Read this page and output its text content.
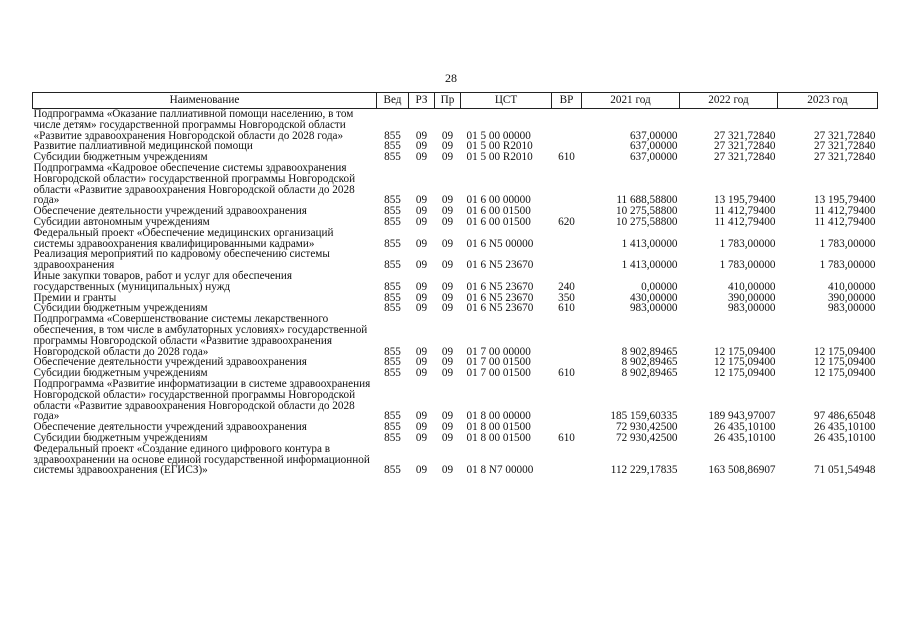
28
Наименование	Вед	РЗ	Пр	ЦСТ	ВР	2021 год	2022 год	2023 год
Подпрограмма «Оказание паллиативной помощи населению, в том числе детям» государственной программы Новгородской области «Развитие здравоохранения Новгородской области до 2028 года»	855	09	09	01 5 00 00000		637,00000	27 321,72840	27 321,72840
Развитие паллиативной медицинской помощи	855	09	09	01 5 00 R2010		637,00000	27 321,72840	27 321,72840
Субсидии бюджетным учреждениям	855	09	09	01 5 00 R2010	610	637,00000	27 321,72840	27 321,72840
Подпрограмма «Кадровое обеспечение системы здравоохранения Новгородской области» государственной программы Новгородской области «Развитие здравоохранения Новгородской области до 2028 года»	855	09	09	01 6 00 00000		11 688,58800	13 195,79400	13 195,79400
Обеспечение деятельности учреждений здравоохранения	855	09	09	01 6 00 01500		10 275,58800	11 412,79400	11 412,79400
Субсидии автономным учреждениям	855	09	09	01 6 00 01500	620	10 275,58800	11 412,79400	11 412,79400
Федеральный проект «Обеспечение медицинских организаций системы здравоохранения квалифицированными кадрами»	855	09	09	01 6 N5 00000		1 413,00000	1 783,00000	1 783,00000
Реализация мероприятий по кадровому обеспечению системы здравоохранения	855	09	09	01 6 N5 23670		1 413,00000	1 783,00000	1 783,00000
Иные закупки товаров, работ и услуг для обеспечения государственных (муниципальных) нужд	855	09	09	01 6 N5 23670	240	0,00000	410,00000	410,00000
Премии и гранты	855	09	09	01 6 N5 23670	350	430,00000	390,00000	390,00000
Субсидии бюджетным учреждениям	855	09	09	01 6 N5 23670	610	983,00000	983,00000	983,00000
Подпрограмма «Совершенствование системы лекарственного обеспечения, в том числе в амбулаторных условиях» государственной программы Новгородской области «Развитие здравоохранения Новгородской области до 2028 года»	855	09	09	01 7 00 00000		8 902,89465	12 175,09400	12 175,09400
Обеспечение деятельности учреждений здравоохранения	855	09	09	01 7 00 01500		8 902,89465	12 175,09400	12 175,09400
Субсидии бюджетным учреждениям	855	09	09	01 7 00 01500	610	8 902,89465	12 175,09400	12 175,09400
Подпрограмма «Развитие информатизации в системе здравоохранения Новгородской области» государственной программы Новгородской области «Развитие здравоохранения Новгородской области до 2028 года»	855	09	09	01 8 00 00000		185 159,60335	189 943,97007	97 486,65048
Обеспечение деятельности учреждений здравоохранения	855	09	09	01 8 00 01500		72 930,42500	26 435,10100	26 435,10100
Субсидии бюджетным учреждениям	855	09	09	01 8 00 01500	610	72 930,42500	26 435,10100	26 435,10100
Федеральный проект «Создание единого цифрового контура в здравоохранении на основе единой государственной информационной системы здравоохранения (ЕГИСЗ)»	855	09	09	01 8 N7 00000		112 229,17835	163 508,86907	71 051,54948
